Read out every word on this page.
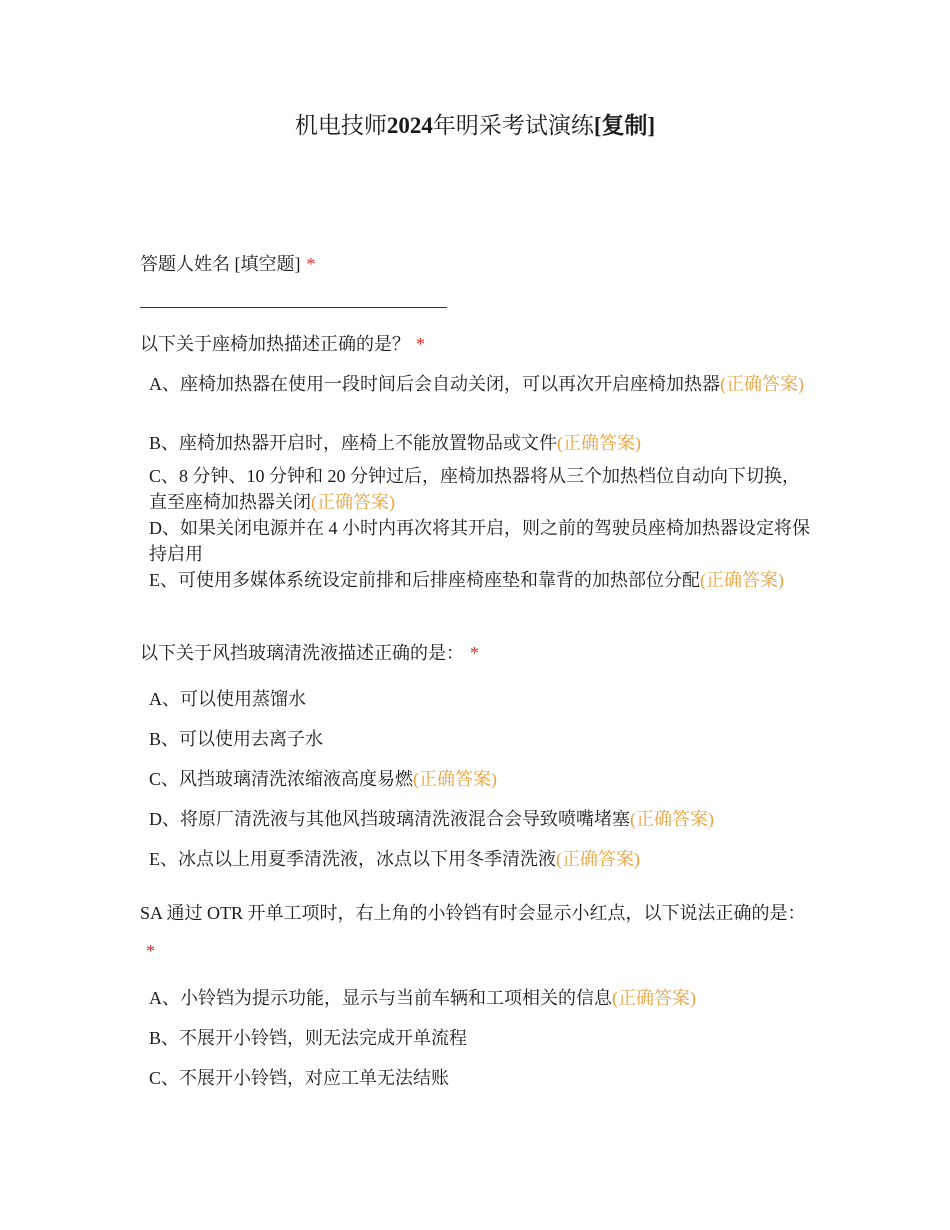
机电技师2024年明采考试演练[复制]
答题人姓名 [填空题] *
以下关于座椅加热描述正确的是？ *
A、座椅加热器在使用一段时间后会自动关闭，可以再次开启座椅加热器(正确答案)
B、座椅加热器开启时，座椅上不能放置物品或文件(正确答案)
C、8 分钟、10 分钟和 20 分钟过后，座椅加热器将从三个加热档位自动向下切换，直至座椅加热器关闭(正确答案)
D、如果关闭电源并在 4 小时内再次将其开启，则之前的驾驶员座椅加热器设定将保持启用
E、可使用多媒体系统设定前排和后排座椅座垫和靠背的加热部位分配(正确答案)
以下关于风挡玻璃清洗液描述正确的是： *
A、可以使用蒸馏水
B、可以使用去离子水
C、风挡玻璃清洗浓缩液高度易燃(正确答案)
D、将原厂清洗液与其他风挡玻璃清洗液混合会导致喷嘴堵塞(正确答案)
E、冰点以上用夏季清洗液，冰点以下用冬季清洗液(正确答案)
SA 通过 OTR 开单工项时，右上角的小铃铛有时会显示小红点，以下说法正确的是：*
A、小铃铛为提示功能，显示与当前车辆和工项相关的信息(正确答案)
B、不展开小铃铛，则无法完成开单流程
C、不展开小铃铛，对应工单无法结账
